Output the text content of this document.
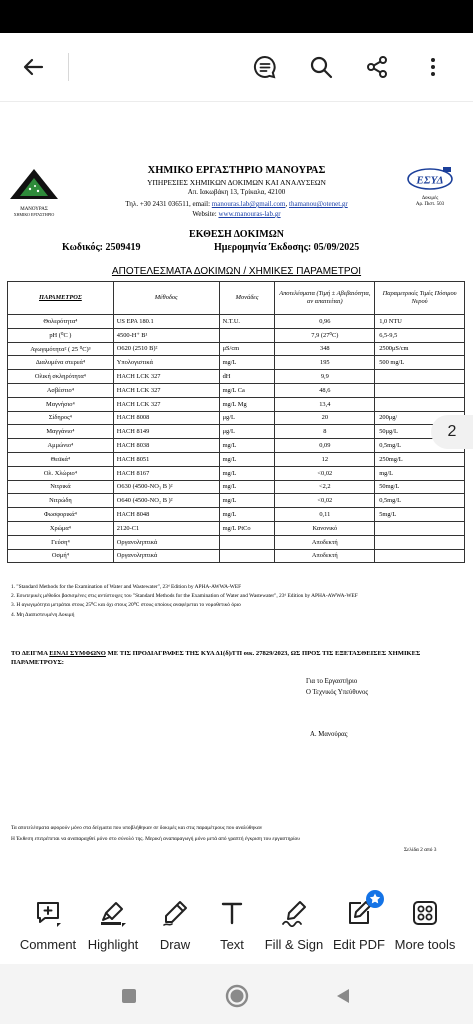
ΜΑΝΟΥΡΑΣ
ΧΗΜΙΚΟ ΕΡΓΑΣΤΗΡΙΟ
ΧΗΜΙΚΟ ΕΡΓΑΣΤΗΡΙΟ ΜΑΝΟΥΡΑΣ
ΥΠΗΡΕΣΙΕΣ ΧΗΜΙΚΩΝ ΔΟΚΙΜΩΝ ΚΑΙ ΑΝΑΛΥΣΕΩΝ
Απ. Ιακωβάκη 13, Τρίκαλα, 42100
Τηλ. +30 2431 036511, email: manouras.lab@gmail.com, thamanou@otenet.gr
Website: www.manouras-lab.gr
ΕΣΥΔ
Δοκιμές
Αρ. Πιστ. 503
ΕΚΘΕΣΗ ΔΟΚΙΜΩΝ
Κωδικός: 2509419	Ημερομηνία Έκδοσης: 05/09/2025
ΑΠΟΤΕΛΕΣΜΑΤΑ ΔΟΚΙΜΩΝ / ΧΗΜΙΚΕΣ ΠΑΡΑΜΕΤΡΟΙ
ΠΑΡΑΜΕΤΡΟΣ	Μέθοδος	Μονάδες	Αποτελέσματα (Τιμή ± Αβεβαιότητα, αν απαιτείται)	Παραμετρικές Τιμές Πόσιμου Νερού
Θολερότητα⁴	US EPA 180.1	N.T.U.	0,96	1,0 NTU
pH (⁰C )	4500-H⁺ B¹		7,9 (27⁰C)	6,5-9,5
Αγωγιμότητα² ( 25 ⁰C)³	O620 (2510 B)²	μS/cm	348	2500μS/cm
Διαλυμένα στερεά⁴	Υπολογιστικά	mg/L	195	500 mg/L
Ολική σκληρότητα⁴	HACH LCK 327	dH	9,9	
Ασβέστιο⁴	HACH LCK 327	mg/L Ca	48,6	
Μαγνήσιο⁴	HACH LCK 327	mg/L Mg	13,4	
Σίδηρος⁴	HACH 8008	μg/L	20	200μg/
Μαγγάνιο⁴	HACH 8149	μg/L	8	50μg/L
Αμμώνιο⁴	HACH 8038	mg/L	0,09	0,5mg/L
Θειϊκά⁴	HACH 8051	mg/L	12	250mg/L
Ολ. Χλώριο⁴	HACH 8167	mg/L	<0,02	mg/L
Νιτρικά	O630 (4500-NO₃ B )²	mg/L	<2,2	50mg/L
Νιτρώδη	O640 (4500-NO₂ B )²	mg/L	<0,02	0,5mg/L
Φωσφορικά⁴	HACH 8048	mg/L	0,11	5mg/L
Χρώμα⁴	2120-C1	mg/L PtCo	Κανονικό	
Γεύση⁴	Οργανοληπτικά		Αποδεκτή	
Οσμή⁴	Οργανοληπτικά		Αποδεκτή	
1. "Standard Methods for the Examination of Water and Wastewater", 23ᵈ Edition by APHA-AWWA-WEF
2. Εσωτερικές μέθοδοι βασισμένες στις αντίστοιχες του "Standard Methods for the Examination of Water and Wastewater", 23ᵈ Edition by APHA-AWWA-WEF
3. Η αγωγιμότητα μετράται στους 25⁰C και όχι στους 20⁰C στους οποίους αναφέρεται το νομοθετικό όριο
4. Μη Διαπιστευμένη Δοκιμή
ΤΟ ΔΕΙΓΜΑ ΕΙΝΑΙ ΣΥΜΦΩΝΟ ΜΕ ΤΙΣ ΠΡΟΔΙΑΓΡΑΦΕΣ ΤΗΣ ΚΥΑ Δ1(δ)/ΓΠ οικ. 27829/2023, ΩΣ ΠΡΟΣ ΤΙΣ ΕΞΕΤΑΣΘΕΙΣΕΣ ΧΗΜΙΚΕΣ ΠΑΡΑΜΕΤΡΟΥΣ:
Για το Εργαστήριο
Ο Τεχνικός Υπεύθυνος
Α. Μανούρας
Τα αποτελέσματα αφορούν μόνο στα δείγματα που υποβλήθηκαν σε δοκιμές και στις παραμέτρους που αναλύθηκαν
Η Έκθεση επιτρέπεται να αναπαραχθεί μόνο στο σύνολό της. Μερική αναπαραγωγή μόνο μετά από γραπτή έγκριση του εργαστηρίου
Σελίδα 2 από 3
2
Comment Highlight Draw Text Fill & Sign Edit PDF More tools
